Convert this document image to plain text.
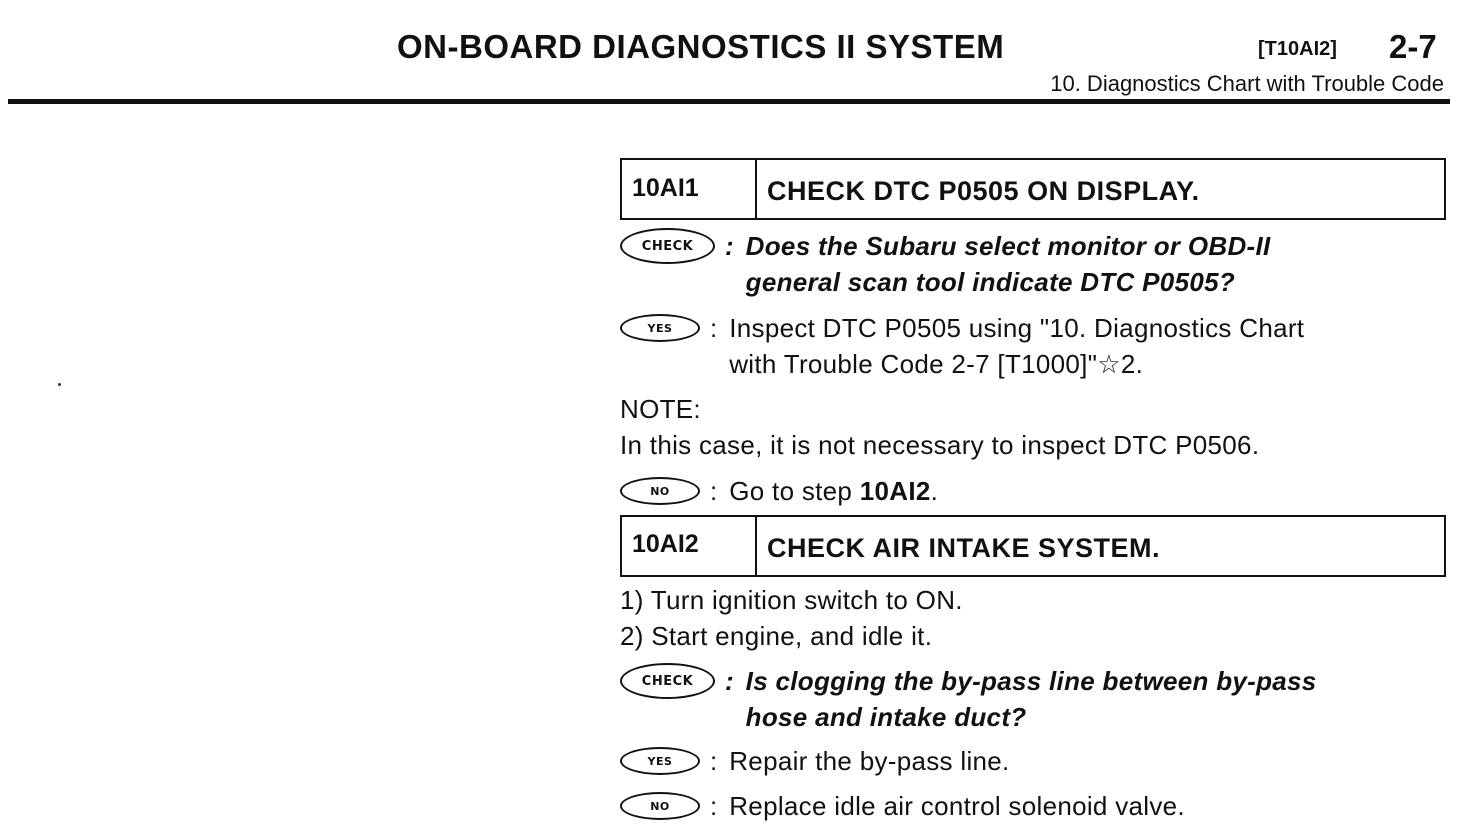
ON-BOARD DIAGNOSTICS II SYSTEM	[T10AI2] 2-7
10. Diagnostics Chart with Trouble Code
10AI1	CHECK DTC P0505 ON DISPLAY.
CHECK	: Does the Subaru select monitor or OBD-II
general scan tool indicate DTC P0505?
YES	: Inspect DTC P0505 using "10. Diagnostics Chart
with Trouble Code 2-7 [T1000]"☆2.
NOTE:
In this case, it is not necessary to inspect DTC P0506.
NO	: Go to step 10AI2.
10AI2	CHECK AIR INTAKE SYSTEM.
1) Turn ignition switch to ON.
2) Start engine, and idle it.
CHECK	: Is clogging the by-pass line between by-pass
hose and intake duct?
YES	: Repair the by-pass line.
NO	: Replace idle air control solenoid valve.
